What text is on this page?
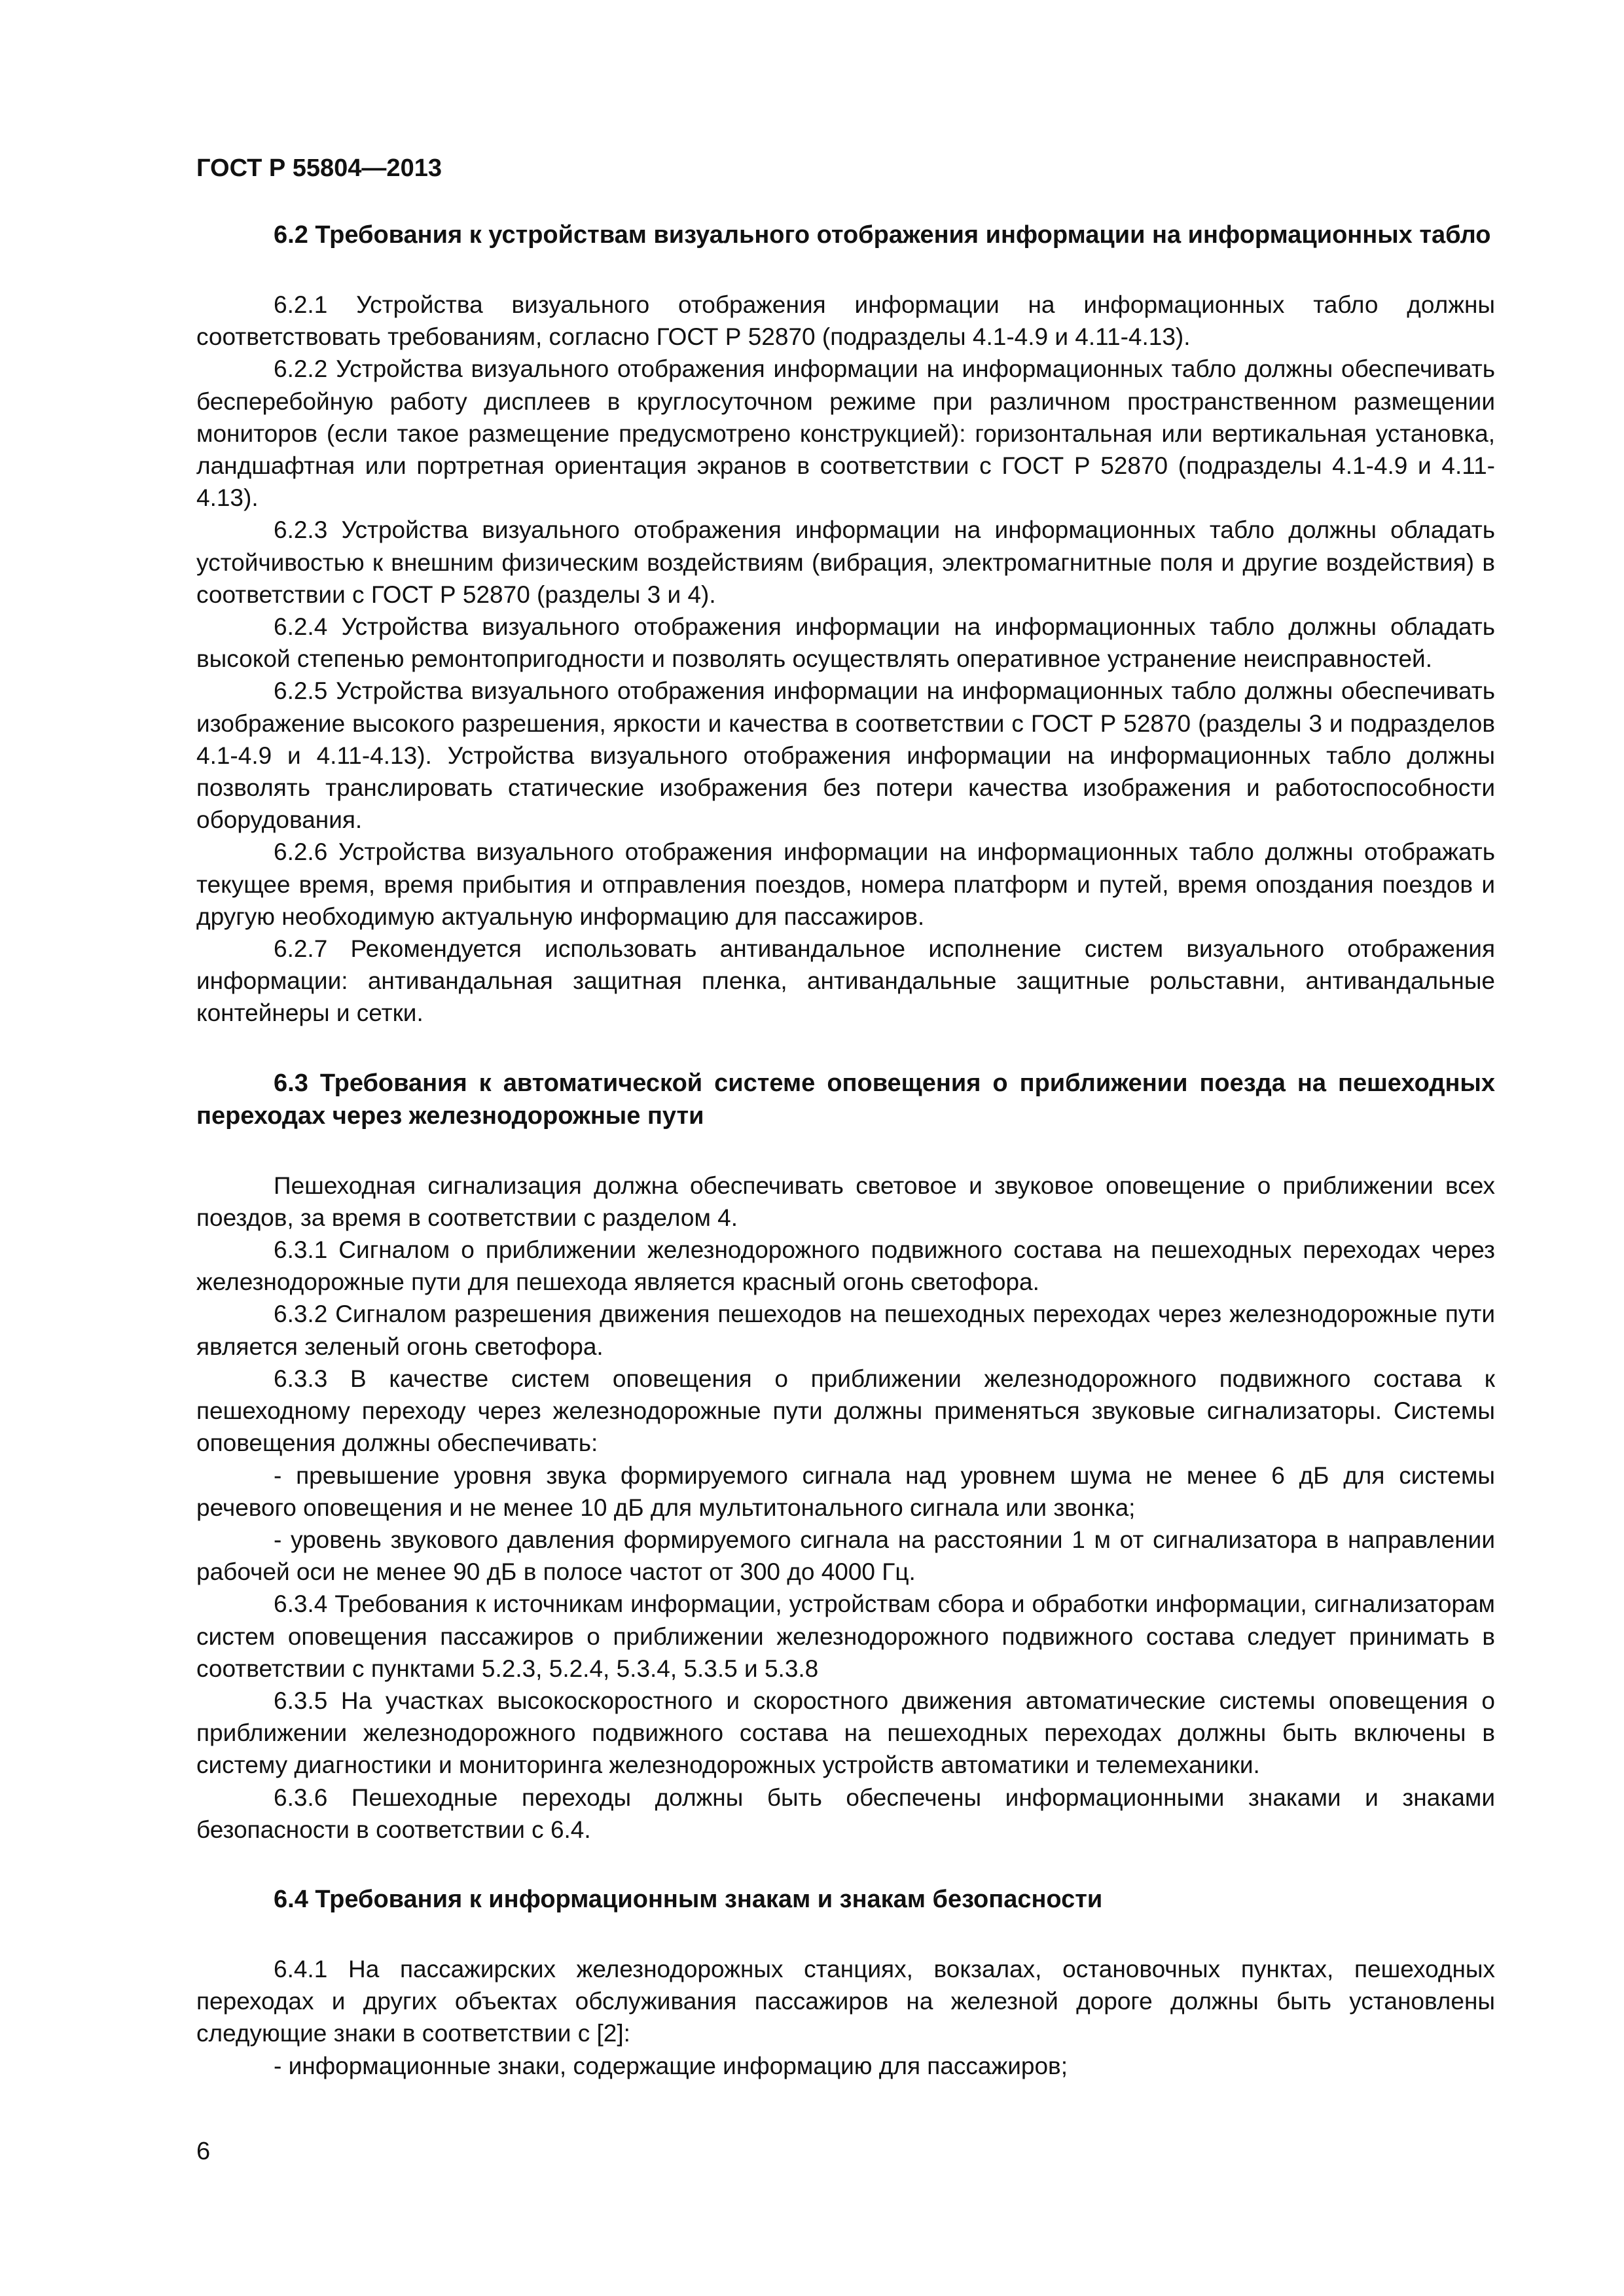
ГОСТ Р 55804—2013
6.2 Требования к устройствам визуального отображения информации на информационных табло

6.2.1 Устройства визуального отображения информации на информационных табло должны соответствовать требованиям, согласно ГОСТ Р 52870 (подразделы 4.1-4.9 и 4.11-4.13).

6.2.2 Устройства визуального отображения информации на информационных табло должны обеспечивать бесперебойную работу дисплеев в круглосуточном режиме при различном пространственном размещении мониторов (если такое размещение предусмотрено конструкцией): горизонтальная или вертикальная установка, ландшафтная или портретная ориентация экранов в соответствии с ГОСТ Р 52870 (подразделы 4.1-4.9 и 4.11-4.13).

6.2.3 Устройства визуального отображения информации на информационных табло должны обладать устойчивостью к внешним физическим воздействиям (вибрация, электромагнитные поля и другие воздействия) в соответствии с ГОСТ Р 52870 (разделы 3 и 4).

6.2.4 Устройства визуального отображения информации на информационных табло должны обладать высокой степенью ремонтопригодности и позволять осуществлять оперативное устранение неисправностей.

6.2.5 Устройства визуального отображения информации на информационных табло должны обеспечивать изображение высокого разрешения, яркости и качества в соответствии с ГОСТ Р 52870 (разделы 3 и подразделов 4.1-4.9 и 4.11-4.13). Устройства визуального отображения информации на информационных табло должны позволять транслировать статические изображения без потери качества изображения и работоспособности оборудования.

6.2.6 Устройства визуального отображения информации на информационных табло должны отображать текущее время, время прибытия и отправления поездов, номера платформ и путей, время опоздания поездов и другую необходимую актуальную информацию для пассажиров.

6.2.7 Рекомендуется использовать антивандальное исполнение систем визуального отображения информации: антивандальная защитная пленка, антивандальные защитные рольставни, антивандальные контейнеры и сетки.

6.3 Требования к автоматической системе оповещения о приближении поезда на пешеходных переходах через железнодорожные пути

Пешеходная сигнализация должна обеспечивать световое и звуковое оповещение о приближении всех поездов, за время в соответствии с разделом 4.

6.3.1 Сигналом о приближении железнодорожного подвижного состава на пешеходных переходах через железнодорожные пути для пешехода является красный огонь светофора.

6.3.2 Сигналом разрешения движения пешеходов на пешеходных переходах через железнодорожные пути является зеленый огонь светофора.

6.3.3 В качестве систем оповещения о приближении железнодорожного подвижного состава к пешеходному переходу через железнодорожные пути должны применяться звуковые сигнализаторы. Системы оповещения должны обеспечивать:

- превышение уровня звука формируемого сигнала над уровнем шума не менее 6 дБ для системы речевого оповещения и не менее 10 дБ для мультитонального сигнала или звонка;

- уровень звукового давления формируемого сигнала на расстоянии 1 м от сигнализатора в направлении рабочей оси не менее 90 дБ в полосе частот от 300 до 4000 Гц.

6.3.4 Требования к источникам информации, устройствам сбора и обработки информации, сигнализаторам систем оповещения пассажиров о приближении железнодорожного подвижного состава следует принимать в соответствии с пунктами 5.2.3, 5.2.4, 5.3.4, 5.3.5 и 5.3.8

6.3.5 На участках высокоскоростного и скоростного движения автоматические системы оповещения о приближении железнодорожного подвижного состава на пешеходных переходах должны быть включены в систему диагностики и мониторинга железнодорожных устройств автоматики и телемеханики.

6.3.6 Пешеходные переходы должны быть обеспечены информационными знаками и знаками безопасности в соответствии с 6.4.

6.4 Требования к информационным знакам и знакам безопасности

6.4.1 На пассажирских железнодорожных станциях, вокзалах, остановочных пунктах, пешеходных переходах и других объектах обслуживания пассажиров на железной дороге должны быть установлены следующие знаки в соответствии с [2]:

- информационные знаки, содержащие информацию для пассажиров;

6
